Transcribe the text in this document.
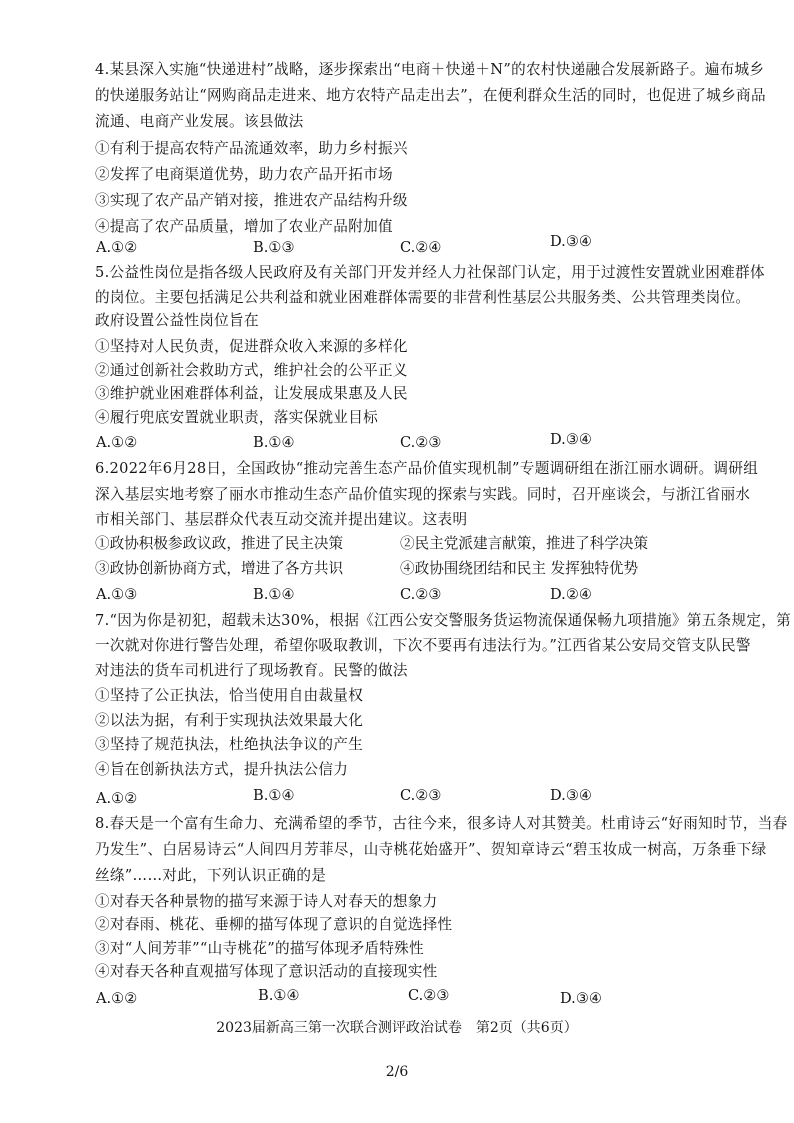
4.某县深入实施“快递进村”战略，逐步探索出“电商＋快递＋N”的农村快递融合发展新路子。遍布城乡
的快递服务站让“网购商品走进来、地方农特产品走出去”，在便利群众生活的同时，也促进了城乡商品
流通、电商产业发展。该县做法
①有利于提高农特产品流通效率，助力乡村振兴
②发挥了电商渠道优势，助力农产品开拓市场
③实现了农产品产销对接，推进农产品结构升级
④提高了农产品质量，增加了农业产品附加值
A.①②	B.①③	C.②④	D.③④
5.公益性岗位是指各级人民政府及有关部门开发并经人力社保部门认定，用于过渡性安置就业困难群体
的岗位。主要包括满足公共利益和就业困难群体需要的非营利性基层公共服务类、公共管理类岗位。
政府设置公益性岗位旨在
①坚持对人民负责，促进群众收入来源的多样化
②通过创新社会救助方式，维护社会的公平正义
③维护就业困难群体利益，让发展成果惠及人民
④履行兜底安置就业职责，落实保就业目标
A.①②	B.①④	C.②③	D.③④
6.2022年6月28日，全国政协“推动完善生态产品价值实现机制”专题调研组在浙江丽水调研。调研组
深入基层实地考察了丽水市推动生态产品价值实现的探索与实践。同时，召开座谈会，与浙江省丽水
市相关部门、基层群众代表互动交流并提出建议。这表明
①政协积极参政议政，推进了民主决策	②民主党派建言献策，推进了科学决策
③政协创新协商方式，增进了各方共识	④政协围绕团结和民主 发挥独特优势
A.①③	B.①④	C.②③	D.②④
7.“因为你是初犯，超载未达30%，根据《江西公安交警服务货运物流保通保畅九项措施》第五条规定，第
一次就对你进行警告处理，希望你吸取教训，下次不要再有违法行为。”江西省某公安局交管支队民警
对违法的货车司机进行了现场教育。民警的做法
①坚持了公正执法，恰当使用自由裁量权
②以法为据，有利于实现执法效果最大化
③坚持了规范执法，杜绝执法争议的产生
④旨在创新执法方式，提升执法公信力
A.①②	B.①④	C.②③	D.③④
8.春天是一个富有生命力、充满希望的季节，古往今来，很多诗人对其赞美。杜甫诗云“好雨知时节，当春
乃发生”、白居易诗云“人间四月芳菲尽，山寺桃花始盛开”、贺知章诗云“碧玉妆成一树高，万条垂下绿
丝绦”……对此，下列认识正确的是
①对春天各种景物的描写来源于诗人对春天的想象力
②对春雨、桃花、垂柳的描写体现了意识的自觉选择性
③对“人间芳菲”“山寺桃花”的描写体现矛盾特殊性
④对春天各种直观描写体现了意识活动的直接现实性
A.①②	B.①④	C.②③	D.③④
2023届新高三第一次联合测评政治试卷　第2页（共6页）
2/6
